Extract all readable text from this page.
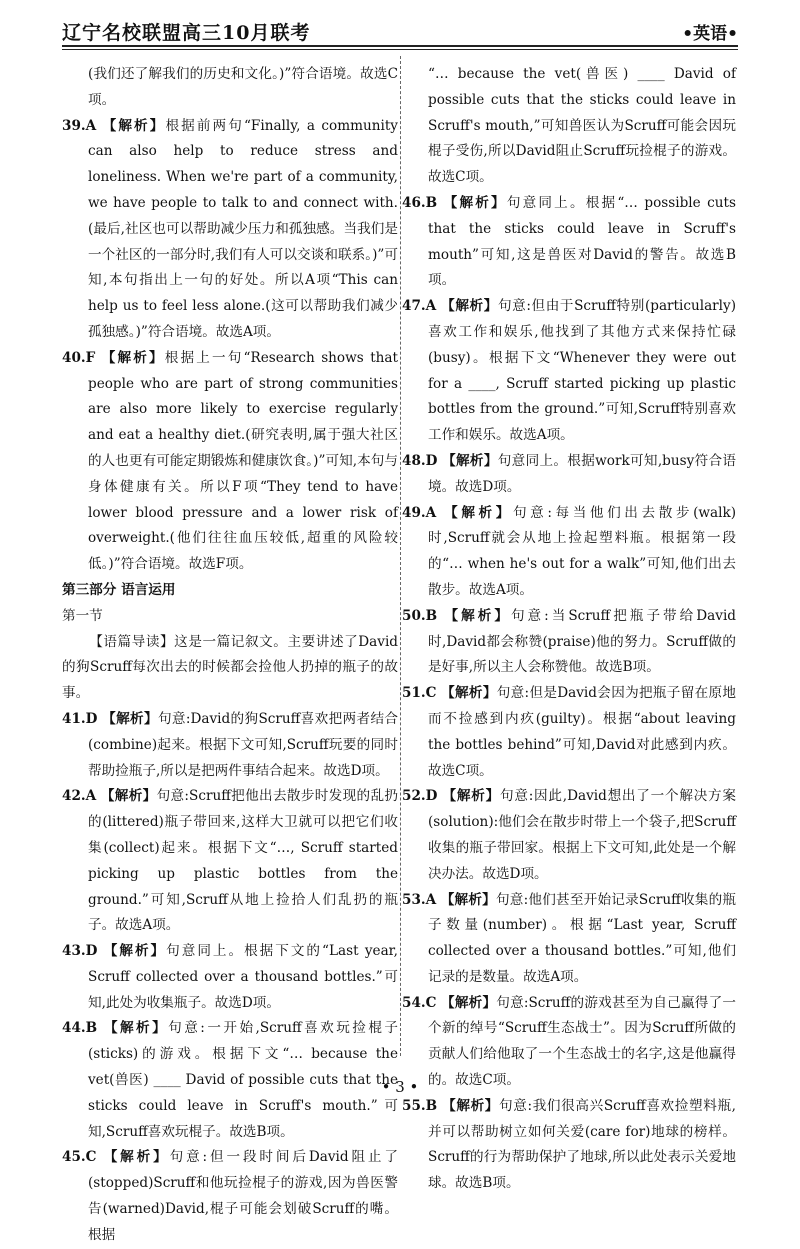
辽宁名校联盟高三10月联考	•英语•

(我们还了解我们的历史和文化。)”符合语境。故选C项。

39.A 【解析】根据前两句“Finally, a community can also help to reduce stress and loneliness. When we're part of a community, we have people to talk to and connect with.(最后,社区也可以帮助减少压力和孤独感。当我们是一个社区的一部分时,我们有人可以交谈和联系。)”可知,本句指出上一句的好处。所以A项“This can help us to feel less alone.(这可以帮助我们减少孤独感。)”符合语境。故选A项。

40.F 【解析】根据上一句“Research shows that people who are part of strong communities are also more likely to exercise regularly and eat a healthy diet.(研究表明,属于强大社区的人也更有可能定期锻炼和健康饮食。)”可知,本句与身体健康有关。所以F项“They tend to have lower blood pressure and a lower risk of overweight.(他们往往血压较低,超重的风险较低。)”符合语境。故选F项。

第三部分 语言运用

第一节

【语篇导读】这是一篇记叙文。主要讲述了David的狗Scruff每次出去的时候都会捡他人扔掉的瓶子的故事。

41.D 【解析】句意:David的狗Scruff喜欢把两者结合(combine)起来。根据下文可知,Scruff玩要的同时帮助捡瓶子,所以是把两件事结合起来。故选D项。

42.A 【解析】句意:Scruff把他出去散步时发现的乱扔的(littered)瓶子带回来,这样大卫就可以把它们收集(collect)起来。根据下文“…, Scruff started picking up plastic bottles from the ground.”可知,Scruff从地上捡拾人们乱扔的瓶子。故选A项。

43.D 【解析】句意同上。根据下文的“Last year, Scruff collected over a thousand bottles.”可知,此处为收集瓶子。故选D项。

44.B 【解析】句意:一开始,Scruff喜欢玩捡棍子(sticks)的游戏。根据下文“… because the vet(兽医) ____ David of possible cuts that the sticks could leave in Scruff's mouth.”可知,Scruff喜欢玩棍子。故选B项。

45.C 【解析】句意:但一段时间后David阻止了(stopped)Scruff和他玩捡棍子的游戏,因为兽医警告(warned)David,棍子可能会划破Scruff的嘴。根据

“… because the vet(兽医) ____ David of possible cuts that the sticks could leave in Scruff's mouth,”可知兽医认为Scruff可能会因玩棍子受伤,所以David阻止Scruff玩捡棍子的游戏。故选C项。

46.B 【解析】句意同上。根据“… possible cuts that the sticks could leave in Scruff's mouth”可知,这是兽医对David的警告。故选B项。

47.A 【解析】句意:但由于Scruff特别(particularly)喜欢工作和娱乐,他找到了其他方式来保持忙碌(busy)。根据下文“Whenever they were out for a ____, Scruff started picking up plastic bottles from the ground.”可知,Scruff特别喜欢工作和娱乐。故选A项。

48.D 【解析】句意同上。根据work可知,busy符合语境。故选D项。

49.A 【解析】句意:每当他们出去散步(walk)时,Scruff就会从地上捡起塑料瓶。根据第一段的“… when he's out for a walk”可知,他们出去散步。故选A项。

50.B 【解析】句意:当Scruff把瓶子带给David时,David都会称赞(praise)他的努力。Scruff做的是好事,所以主人会称赞他。故选B项。

51.C 【解析】句意:但是David会因为把瓶子留在原地而不捡感到内疚(guilty)。根据“about leaving the bottles behind”可知,David对此感到内疚。故选C项。

52.D 【解析】句意:因此,David想出了一个解决方案(solution):他们会在散步时带上一个袋子,把Scruff收集的瓶子带回家。根据上下文可知,此处是一个解决办法。故选D项。

53.A 【解析】句意:他们甚至开始记录Scruff收集的瓶子数量(number)。根据“Last year, Scruff collected over a thousand bottles.”可知,他们记录的是数量。故选A项。

54.C 【解析】句意:Scruff的游戏甚至为自己赢得了一个新的绰号“Scruff生态战士”。因为Scruff所做的贡献人们给他取了一个生态战士的名字,这是他赢得的。故选C项。

55.B 【解析】句意:我们很高兴Scruff喜欢捡塑料瓶,并可以帮助树立如何关爱(care for)地球的榜样。Scruff的行为帮助保护了地球,所以此处表示关爱地球。故选B项。

• 3 •
